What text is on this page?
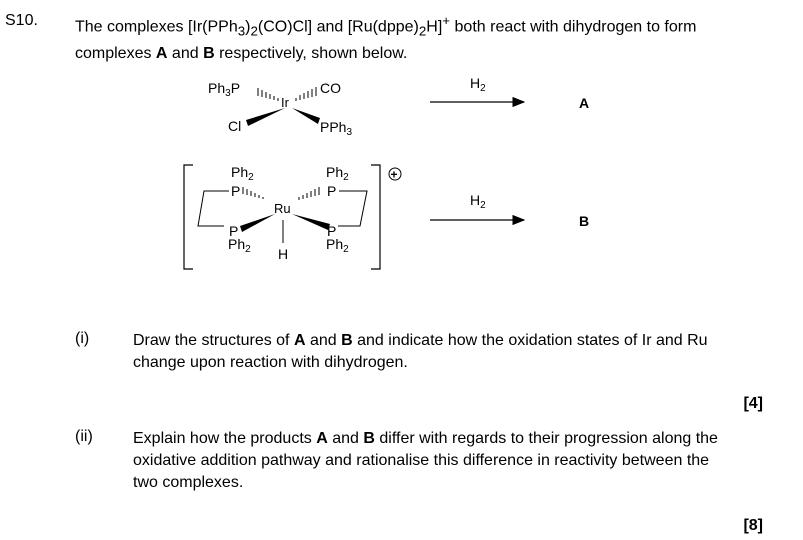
S10. The complexes $[Ir(PPh_3)_2(CO)Cl]$ and $[Ru(dppe)_2H]^+$ both react with dihydrogen to form
complexes A and B respectively, shown below.
$Ph_3P$
Ir
CO
Cl	PPh$_3$
$H_2$
A
+
$Ph_2$	$Ph_2$
P	P
Ru
P	P
$Ph_2$	$Ph_2$
H
$H_2$
B
(i)	Draw the structures of A and B and indicate how the oxidation states of Ir and Ru
change upon reaction with dihydrogen.
[4]
(ii)	Explain how the products A and B differ with regards to their progression along the
oxidative addition pathway and rationalise this difference in reactivity between the
two complexes.
[8]
